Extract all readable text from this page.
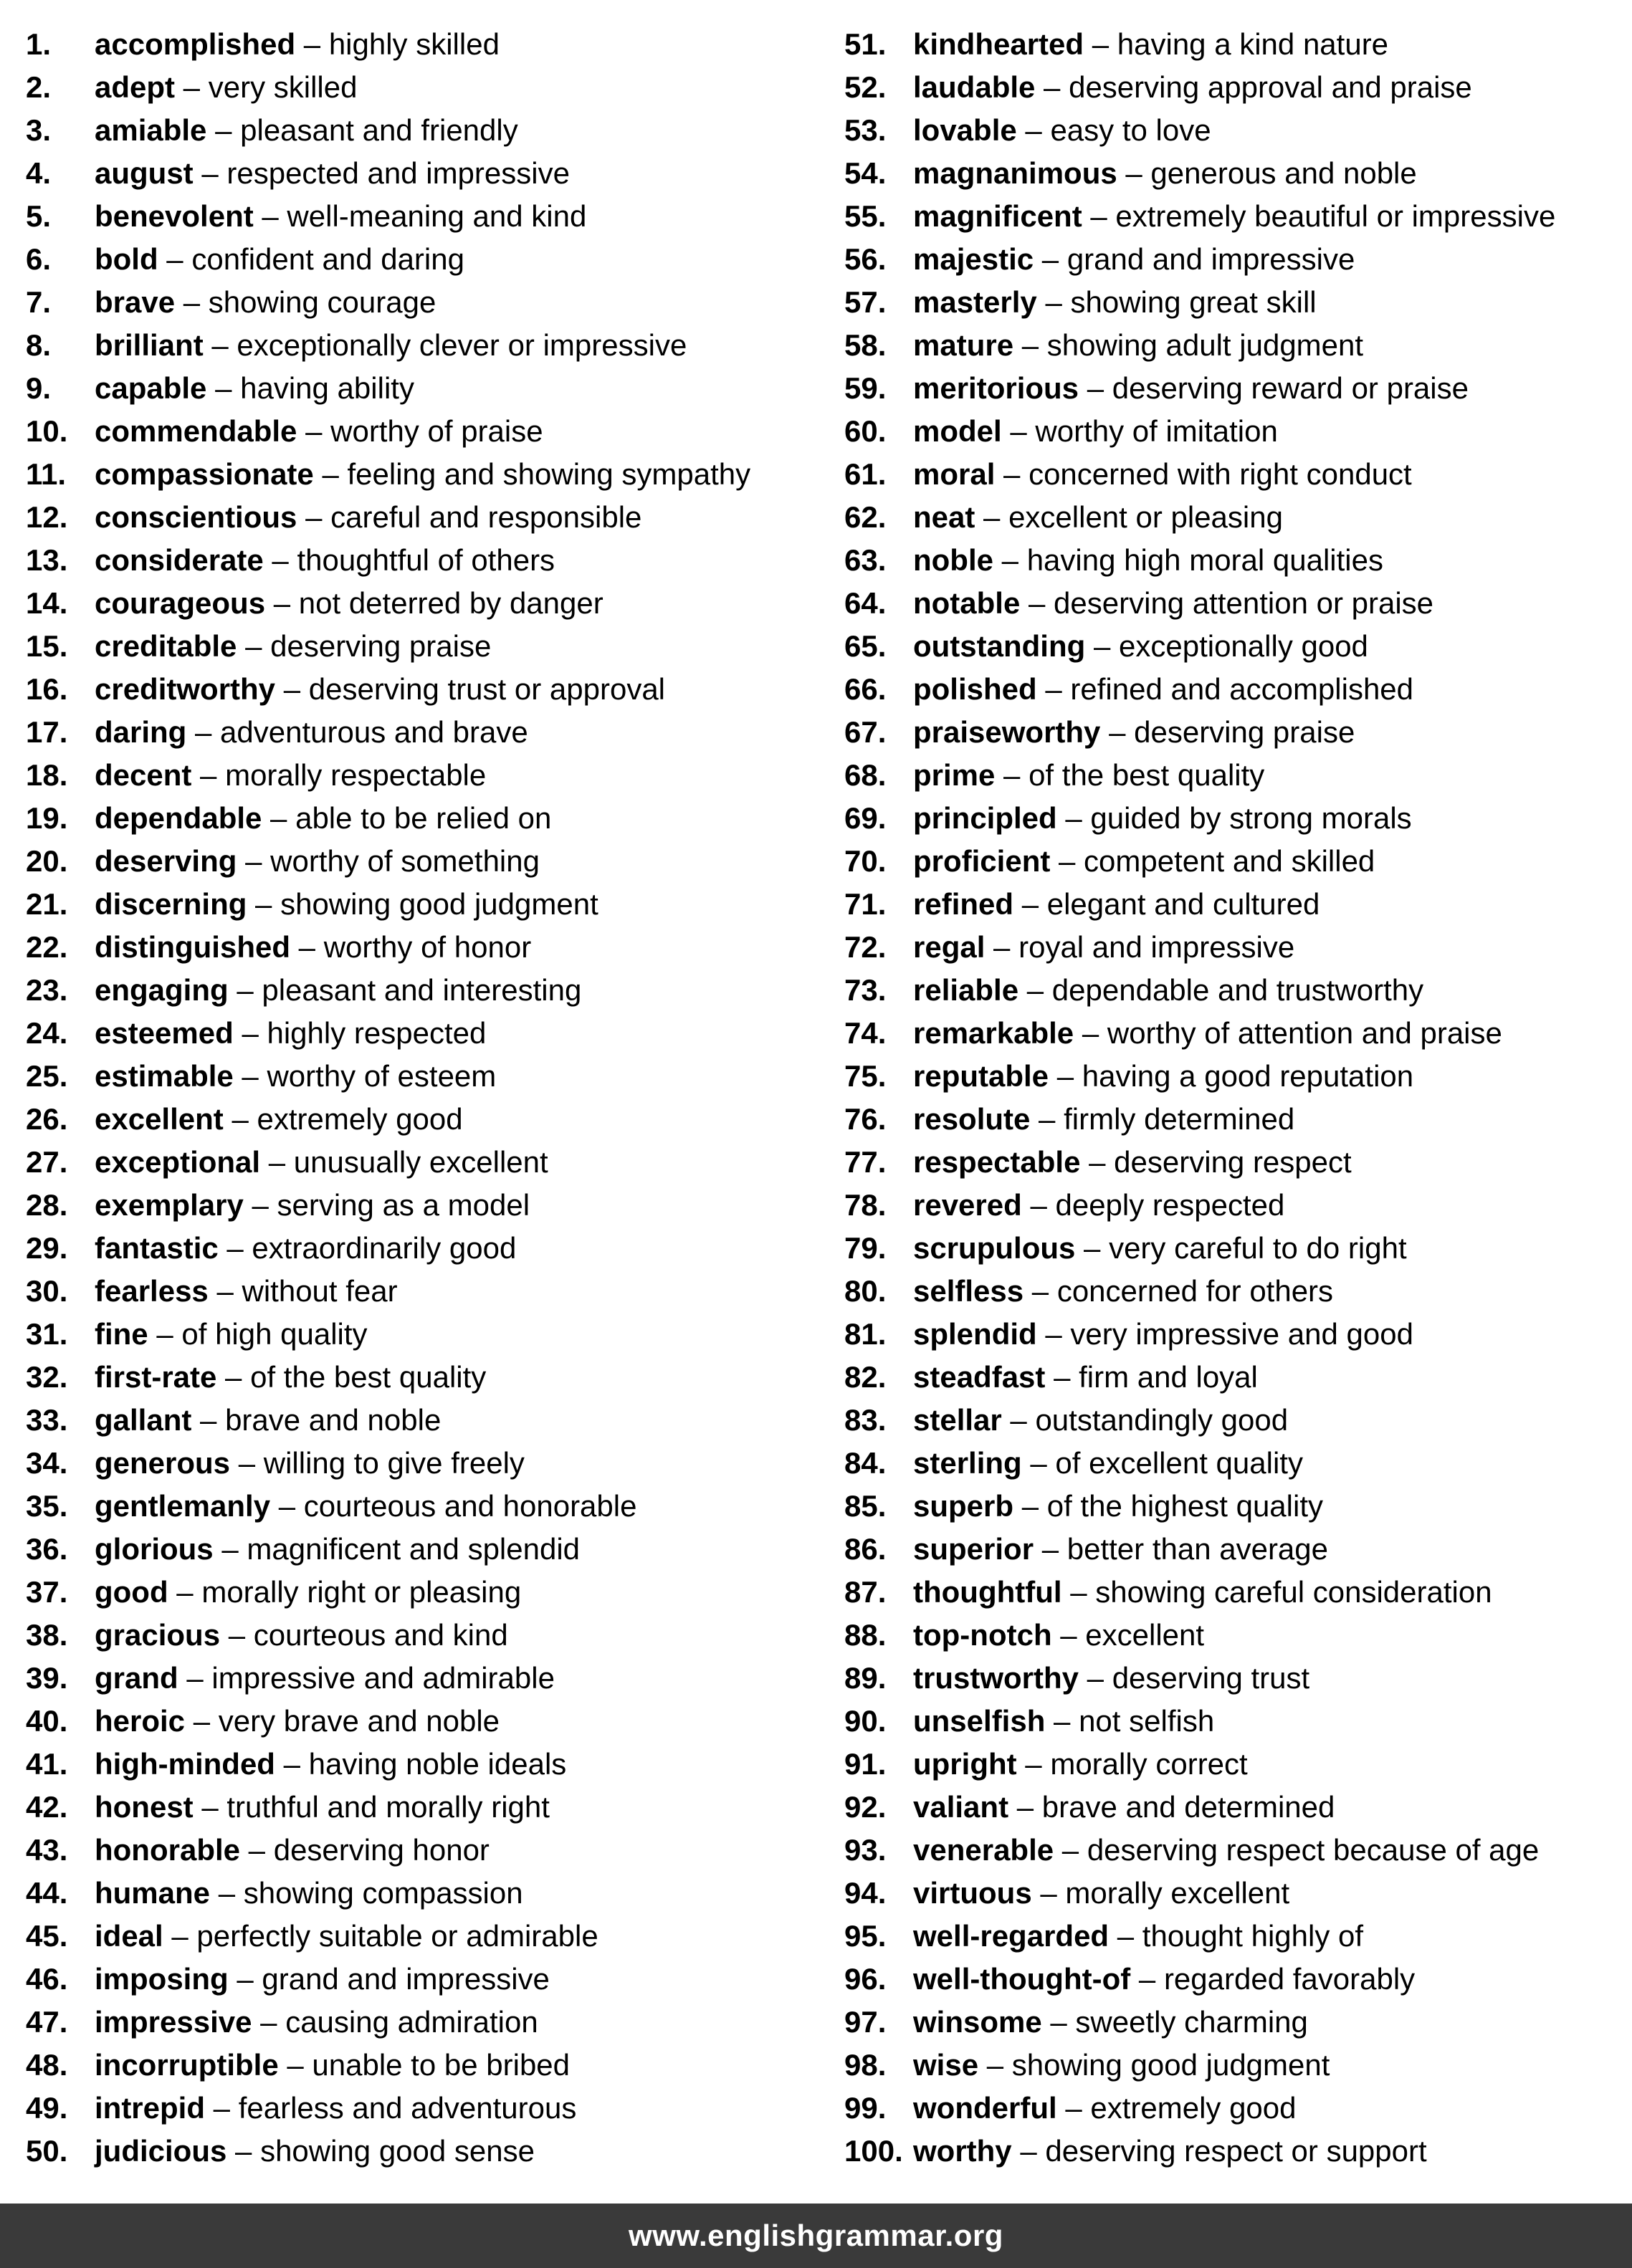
1.	accomplished – highly skilled
2.	adept – very skilled
3.	amiable – pleasant and friendly
4.	august – respected and impressive
5.	benevolent – well-meaning and kind
6.	bold – confident and daring
7.	brave – showing courage
8.	brilliant – exceptionally clever or impressive
9.	capable – having ability
10. commendable – worthy of praise
11. compassionate – feeling and showing sympathy
12. conscientious – careful and responsible
13. considerate – thoughtful of others
14. courageous – not deterred by danger
15. creditable – deserving praise
16. creditworthy – deserving trust or approval
17. daring – adventurous and brave
18. decent – morally respectable
19. dependable – able to be relied on
20. deserving – worthy of something
21. discerning – showing good judgment
22. distinguished – worthy of honor
23. engaging – pleasant and interesting
24. esteemed – highly respected
25. estimable – worthy of esteem
26. excellent – extremely good
27. exceptional – unusually excellent
28. exemplary – serving as a model
29. fantastic – extraordinarily good
30. fearless – without fear
31. fine – of high quality
32. first-rate – of the best quality
33. gallant – brave and noble
34. generous – willing to give freely
35. gentlemanly – courteous and honorable
36. glorious – magnificent and splendid
37. good – morally right or pleasing
38. gracious – courteous and kind
39. grand – impressive and admirable
40. heroic – very brave and noble
41. high-minded – having noble ideals
42. honest – truthful and morally right
43. honorable – deserving honor
44. humane – showing compassion
45. ideal – perfectly suitable or admirable
46. imposing – grand and impressive
47. impressive – causing admiration
48. incorruptible – unable to be bribed
49. intrepid – fearless and adventurous
50. judicious – showing good sense
51. kindhearted – having a kind nature
52. laudable – deserving approval and praise
53. lovable – easy to love
54. magnanimous – generous and noble
55. magnificent – extremely beautiful or impressive
56. majestic – grand and impressive
57. masterly – showing great skill
58. mature – showing adult judgment
59. meritorious – deserving reward or praise
60. model – worthy of imitation
61. moral – concerned with right conduct
62. neat – excellent or pleasing
63. noble – having high moral qualities
64. notable – deserving attention or praise
65. outstanding – exceptionally good
66. polished – refined and accomplished
67. praiseworthy – deserving praise
68. prime – of the best quality
69. principled – guided by strong morals
70. proficient – competent and skilled
71. refined – elegant and cultured
72. regal – royal and impressive
73. reliable – dependable and trustworthy
74. remarkable – worthy of attention and praise
75. reputable – having a good reputation
76. resolute – firmly determined
77. respectable – deserving respect
78. revered – deeply respected
79. scrupulous – very careful to do right
80. selfless – concerned for others
81. splendid – very impressive and good
82. steadfast – firm and loyal
83. stellar – outstandingly good
84. sterling – of excellent quality
85. superb – of the highest quality
86. superior – better than average
87. thoughtful – showing careful consideration
88. top-notch – excellent
89. trustworthy – deserving trust
90. unselfish – not selfish
91. upright – morally correct
92. valiant – brave and determined
93. venerable – deserving respect because of age
94. virtuous – morally excellent
95. well-regarded – thought highly of
96. well-thought-of – regarded favorably
97. winsome – sweetly charming
98. wise – showing good judgment
99. wonderful – extremely good
100. worthy – deserving respect or support
www.englishgrammar.org
